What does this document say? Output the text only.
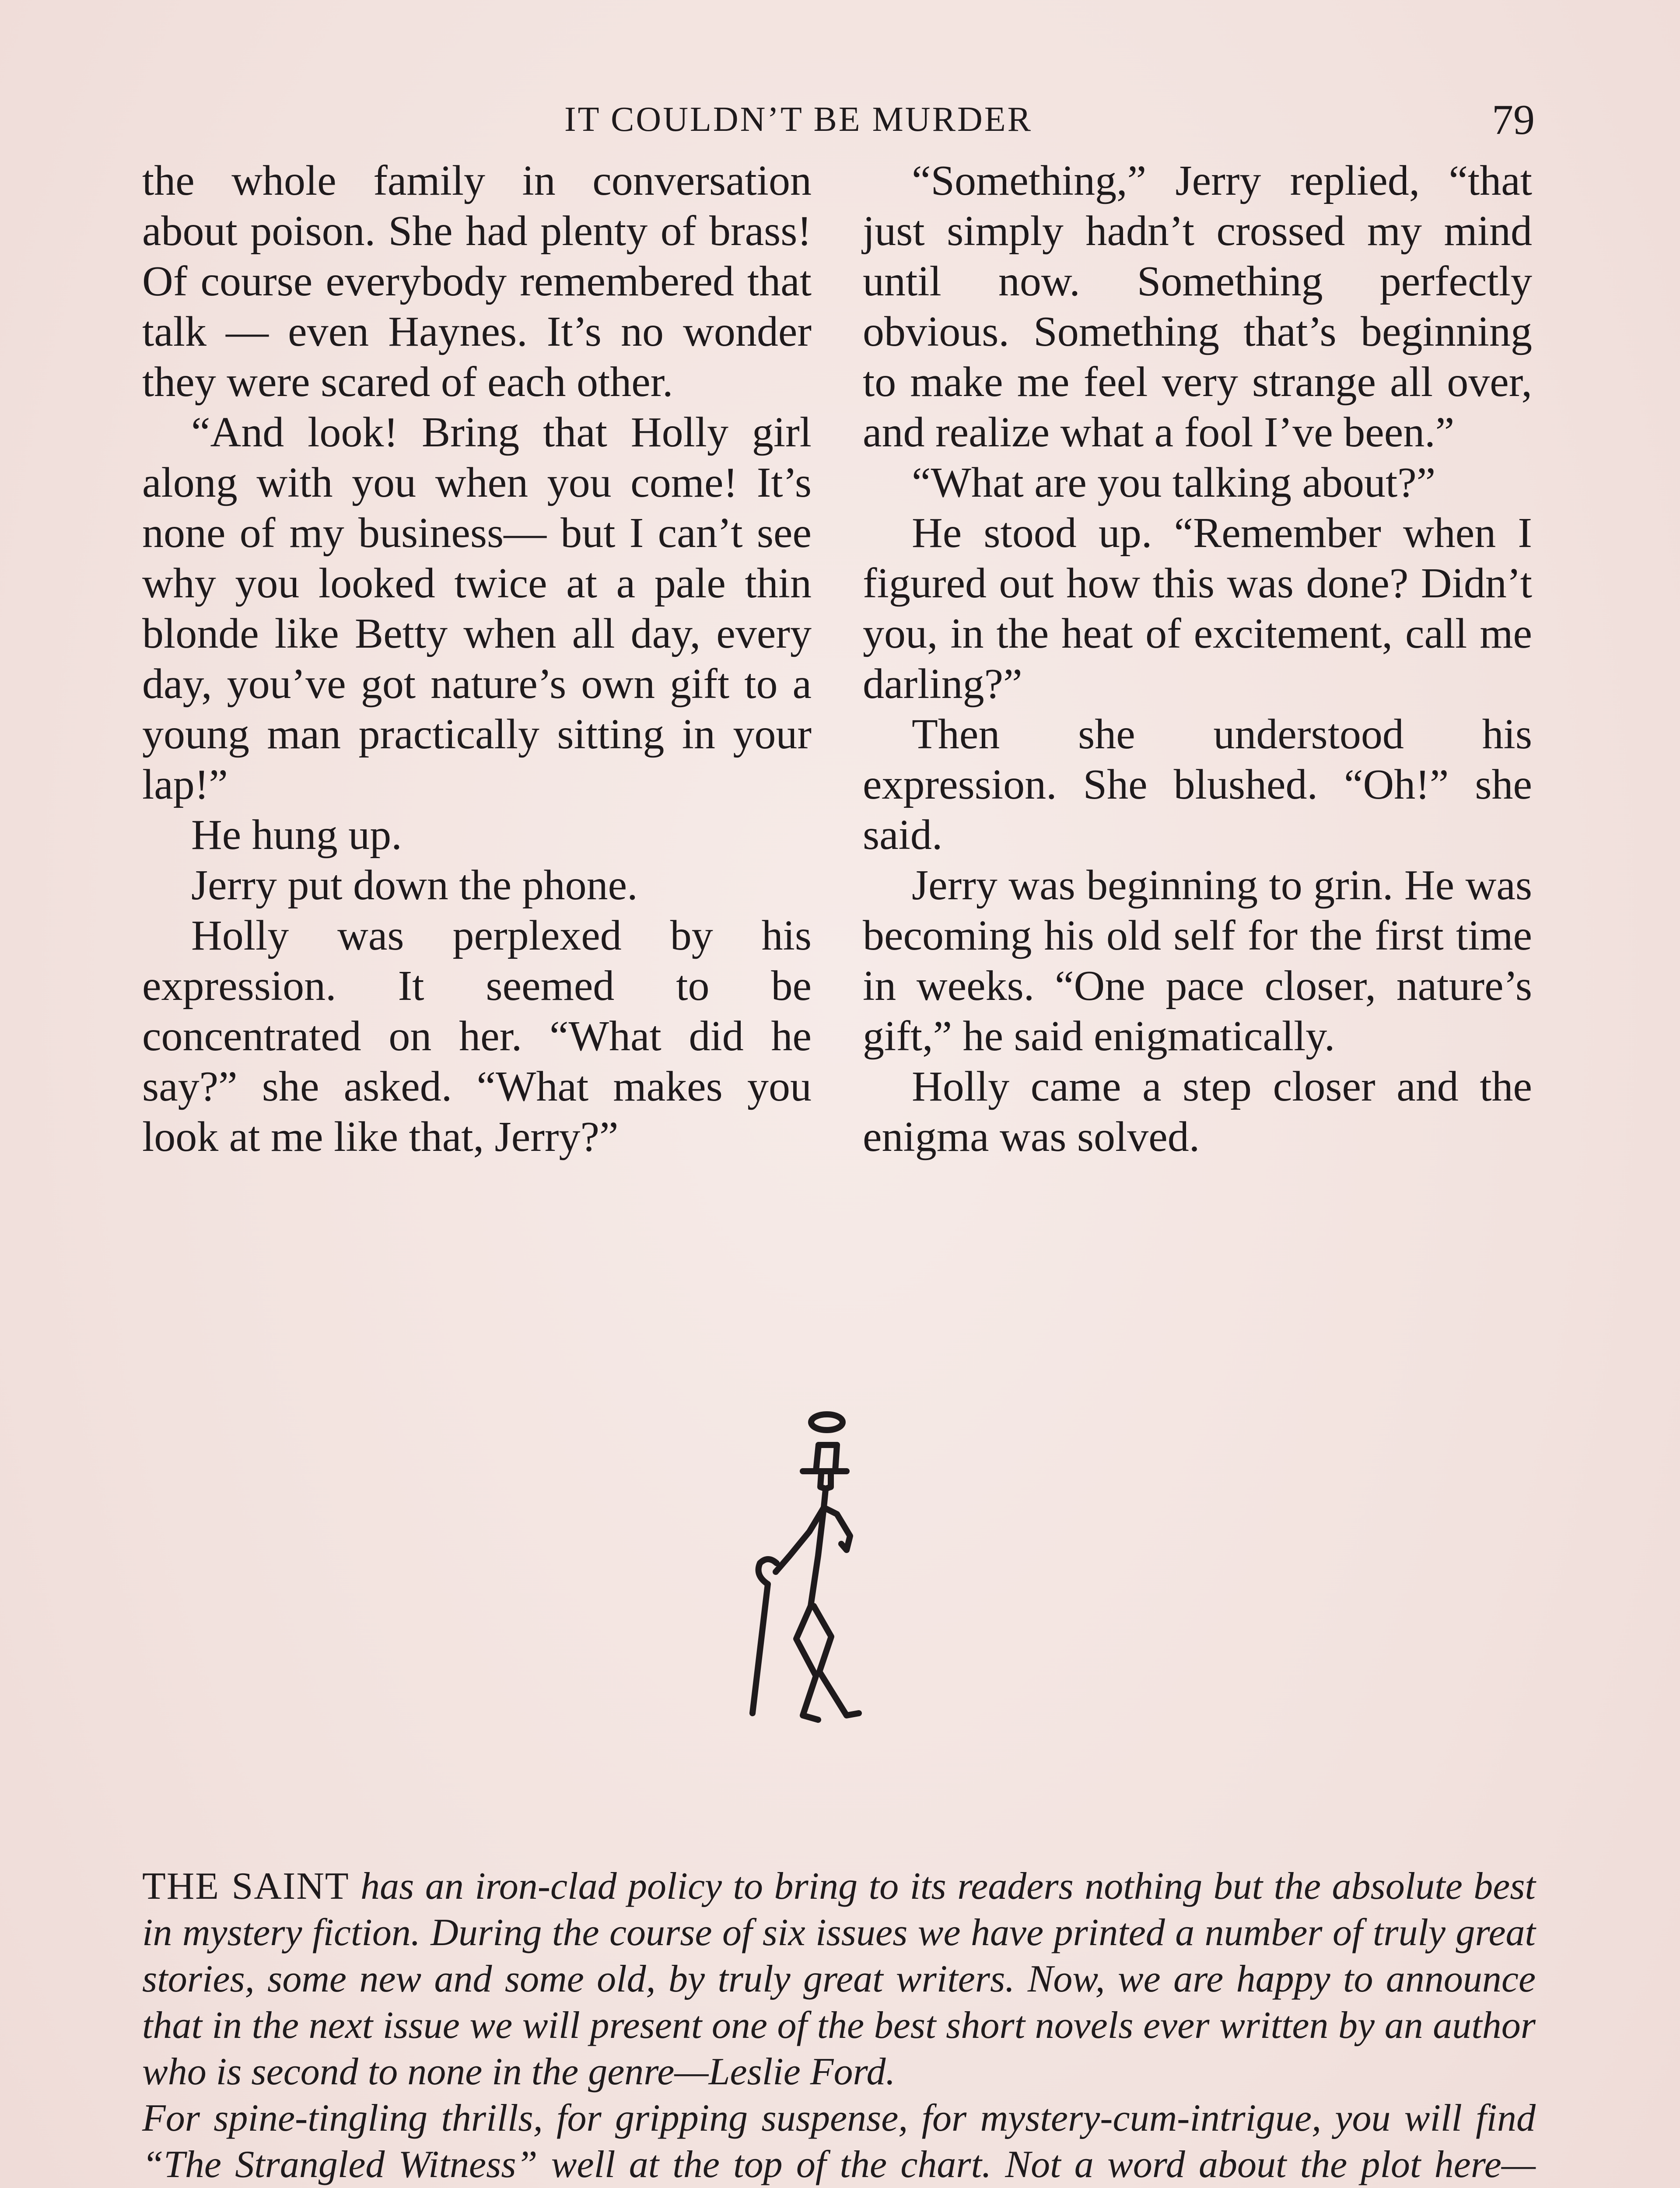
IT COULDN’T BE MURDER	79

the whole family in conversation about poison. She had plenty of brass! Of course everybody remembered that talk — even Haynes. It’s no wonder they were scared of each other.

“And look! Bring that Holly girl along with you when you come! It’s none of my business— but I can’t see why you looked twice at a pale thin blonde like Betty when all day, every day, you’ve got nature’s own gift to a young man practically sitting in your lap!”

He hung up.

Jerry put down the phone.

Holly was perplexed by his expression. It seemed to be concentrated on her. “What did he say?” she asked. “What makes you look at me like that, Jerry?”

“Something,” Jerry replied, “that just simply hadn’t crossed my mind until now. Something perfectly obvious. Something that’s beginning to make me feel very strange all over, and realize what a fool I’ve been.”

“What are you talking about?”

He stood up. “Remember when I figured out how this was done? Didn’t you, in the heat of excitement, call me darling?”

Then she understood his expression. She blushed. “Oh!” she said.

Jerry was beginning to grin. He was becoming his old self for the first time in weeks. “One pace closer, nature’s gift,” he said enigmatically.

Holly came a step closer and the enigma was solved.

THE SAINT has an iron-clad policy to bring to its readers nothing but the absolute best in mystery fiction. During the course of six issues we have printed a number of truly great stories, some new and some old, by truly great writers. Now, we are happy to announce that in the next issue we will present one of the best short novels ever written by an author who is second to none in the genre—Leslie Ford.

For spine-tingling thrills, for gripping suspense, for mystery-cum-intrigue, you will find “The Strangled Witness” well at the top of the chart. Not a word about the plot here—
